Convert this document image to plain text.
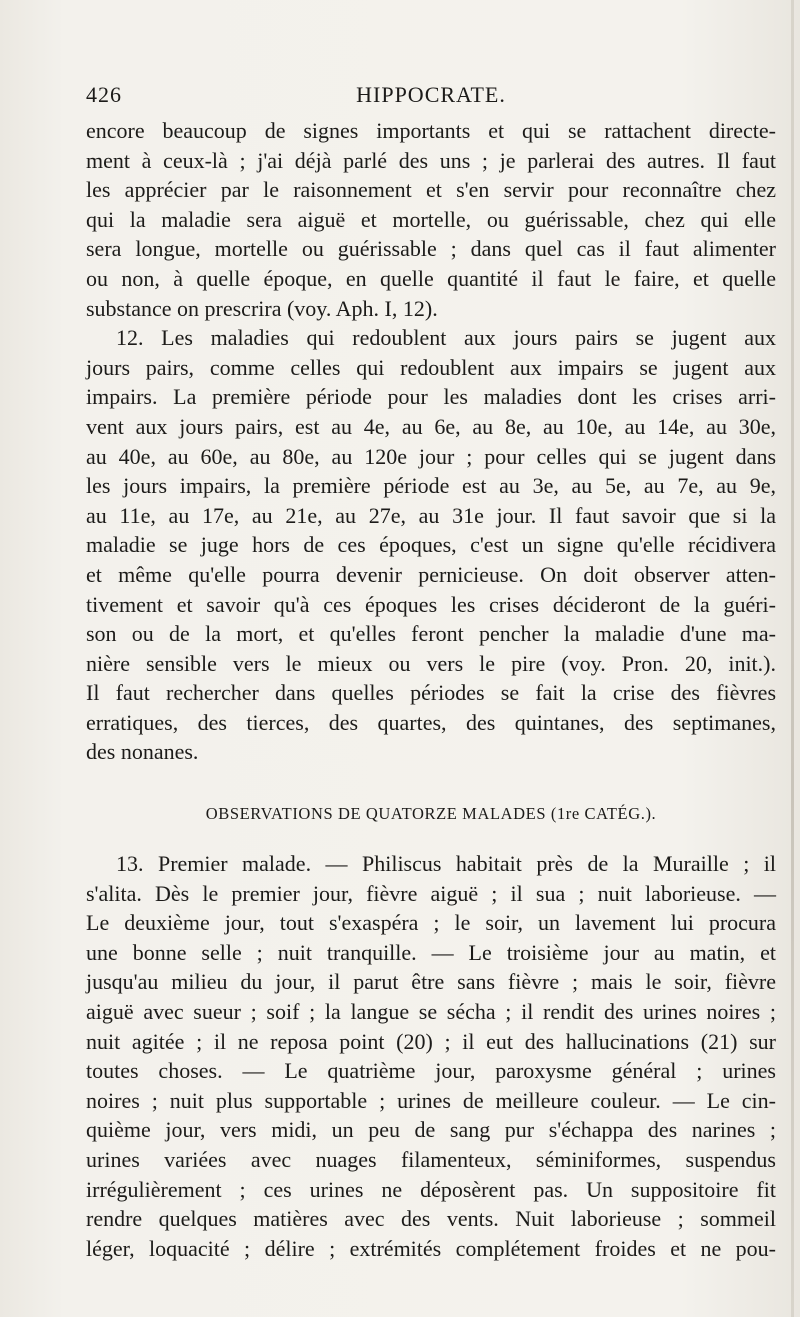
HIPPOCRATE.
426
encore beaucoup de signes importants et qui se rattachent directe-
ment à ceux-là ; j'ai déjà parlé des uns ; je parlerai des autres. Il faut
les apprécier par le raisonnement et s'en servir pour reconnaître chez
qui la maladie sera aiguë et mortelle, ou guérissable, chez qui elle
sera longue, mortelle ou guérissable ; dans quel cas il faut alimenter
ou non, à quelle époque, en quelle quantité il faut le faire, et quelle
substance on prescrira (voy. Aph. I, 12).
12. Les maladies qui redoublent aux jours pairs se jugent aux
jours pairs, comme celles qui redoublent aux impairs se jugent aux
impairs. La première période pour les maladies dont les crises arri-
vent aux jours pairs, est au 4e, au 6e, au 8e, au 10e, au 14e, au 30e,
au 40e, au 60e, au 80e, au 120e jour ; pour celles qui se jugent dans
les jours impairs, la première période est au 3e, au 5e, au 7e, au 9e,
au 11e, au 17e, au 21e, au 27e, au 31e jour. Il faut savoir que si la
maladie se juge hors de ces époques, c'est un signe qu'elle récidivera
et même qu'elle pourra devenir pernicieuse. On doit observer atten-
tivement et savoir qu'à ces époques les crises décideront de la guéri-
son ou de la mort, et qu'elles feront pencher la maladie d'une ma-
nière sensible vers le mieux ou vers le pire (voy. Pron. 20, init.).
Il faut rechercher dans quelles périodes se fait la crise des fièvres
erratiques, des tierces, des quartes, des quintanes, des septimanes,
des nonanes.
OBSERVATIONS DE QUATORZE MALADES (1re CATÉG.).
13. Premier malade. — Philiscus habitait près de la Muraille ; il
s'alita. Dès le premier jour, fièvre aiguë ; il sua ; nuit laborieuse. —
Le deuxième jour, tout s'exaspéra ; le soir, un lavement lui procura
une bonne selle ; nuit tranquille. — Le troisième jour au matin, et
jusqu'au milieu du jour, il parut être sans fièvre ; mais le soir, fièvre
aiguë avec sueur ; soif ; la langue se sécha ; il rendit des urines noires ;
nuit agitée ; il ne reposa point (20) ; il eut des hallucinations (21) sur
toutes choses. — Le quatrième jour, paroxysme général ; urines
noires ; nuit plus supportable ; urines de meilleure couleur. — Le cin-
quième jour, vers midi, un peu de sang pur s'échappa des narines ;
urines variées avec nuages filamenteux, séminiformes, suspendus
irrégulièrement ; ces urines ne déposèrent pas. Un suppositoire fit
rendre quelques matières avec des vents. Nuit laborieuse ; sommeil
léger, loquacité ; délire ; extrémités complétement froides et ne pou-
